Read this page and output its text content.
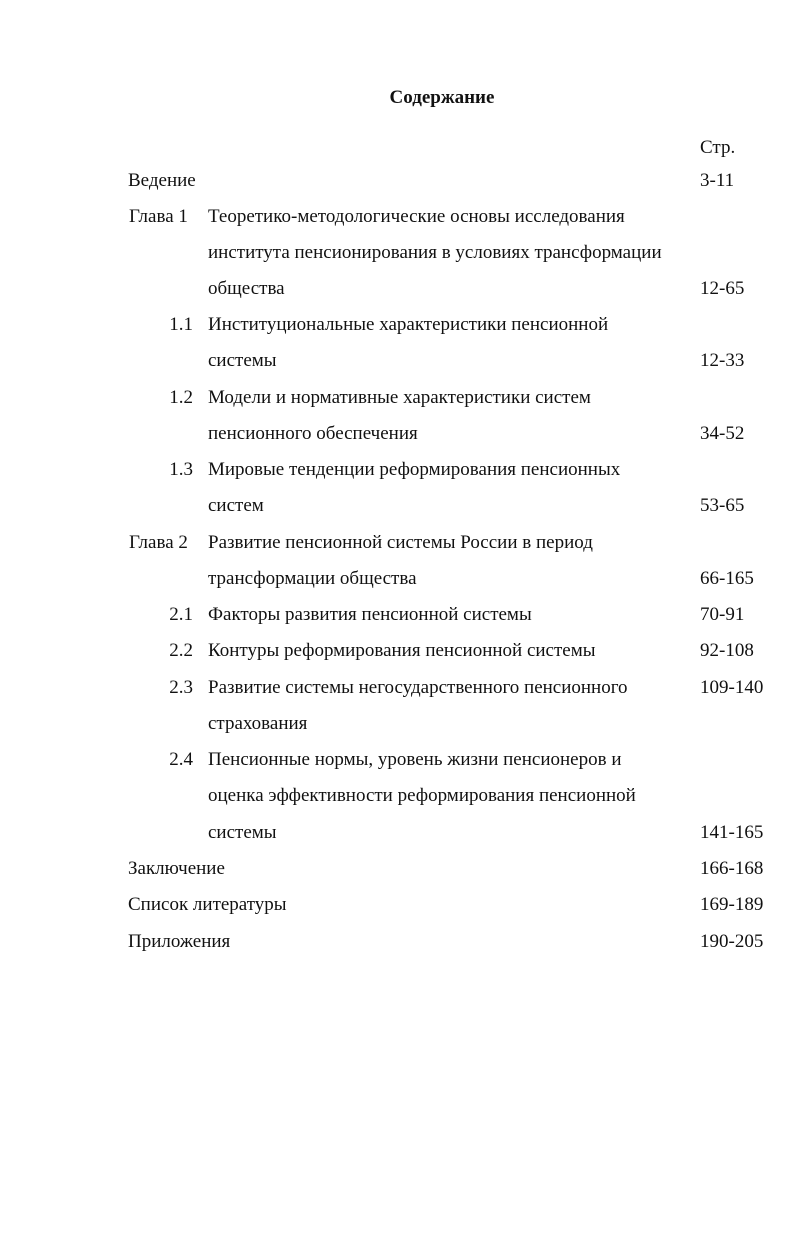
Содержание
Стр.
Ведение	3-11
Глава 1 Теоретико-методологические основы исследования
института пенсионирования в условиях трансформации
общества	12-65
1.1 Институциональные характеристики пенсионной
системы	12-33
1.2 Модели и нормативные характеристики систем
пенсионного обеспечения	34-52
1.3 Мировые тенденции реформирования пенсионных
систем	53-65
Глава 2 Развитие пенсионной системы России в период
трансформации общества	66-165
2.1 Факторы развития пенсионной системы	70-91
2.2 Контуры реформирования пенсионной системы	92-108
2.3 Развитие системы негосударственного пенсионного	109-140
страхования
2.4 Пенсионные нормы, уровень жизни пенсионеров и
оценка эффективности реформирования пенсионной
системы	141-165
Заключение	166-168
Список литературы	169-189
Приложения	190-205
